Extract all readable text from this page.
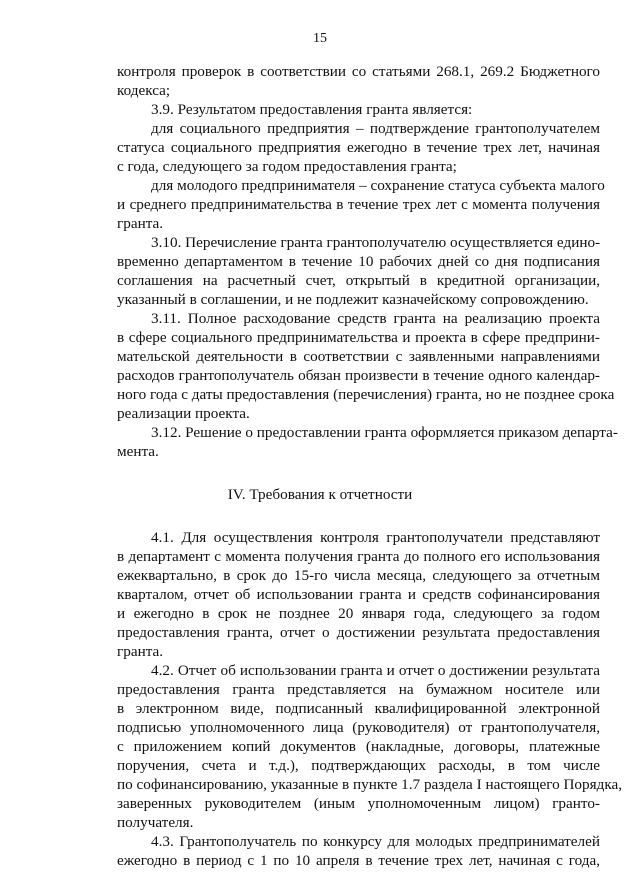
15
контроля проверок в соответствии со статьями 268.1, 269.2 Бюджетного
кодекса;
3.9. Результатом предоставления гранта является:
для социального предприятия – подтверждение грантополучателем
статуса социального предприятия ежегодно в течение трех лет, начиная
с года, следующего за годом предоставления гранта;
для молодого предпринимателя – сохранение статуса субъекта малого
и среднего предпринимательства в течение трех лет с момента получения
гранта.
3.10. Перечисление гранта грантополучателю осуществляется едино-
временно департаментом в течение 10 рабочих дней со дня подписания
соглашения на расчетный счет, открытый в кредитной организации,
указанный в соглашении, и не подлежит казначейскому сопровождению.
3.11. Полное расходование средств гранта на реализацию проекта
в сфере социального предпринимательства и проекта в сфере предприни-
мательской деятельности в соответствии с заявленными направлениями
расходов грантополучатель обязан произвести в течение одного календар-
ного года с даты предоставления (перечисления) гранта, но не позднее срока
реализации проекта.
3.12. Решение о предоставлении гранта оформляется приказом департа-
мента.
IV. Требования к отчетности
4.1. Для осуществления контроля грантополучатели представляют
в департамент с момента получения гранта до полного его использования
ежеквартально, в срок до 15-го числа месяца, следующего за отчетным
кварталом, отчет об использовании гранта и средств софинансирования
и ежегодно в срок не позднее 20 января года, следующего за годом
предоставления гранта, отчет о достижении результата предоставления
гранта.
4.2. Отчет об использовании гранта и отчет о достижении результата
предоставления гранта представляется на бумажном носителе или
в электронном виде, подписанный квалифицированной электронной
подписью уполномоченного лица (руководителя) от грантополучателя,
с приложением копий документов (накладные, договоры, платежные
поручения, счета и т.д.), подтверждающих расходы, в том числе
по софинансированию, указанные в пункте 1.7 раздела I настоящего Порядка,
заверенных руководителем (иным уполномоченным лицом) гранто-
получателя.
4.3. Грантополучатель по конкурсу для молодых предпринимателей
ежегодно в период с 1 по 10 апреля в течение трех лет, начиная с года,
